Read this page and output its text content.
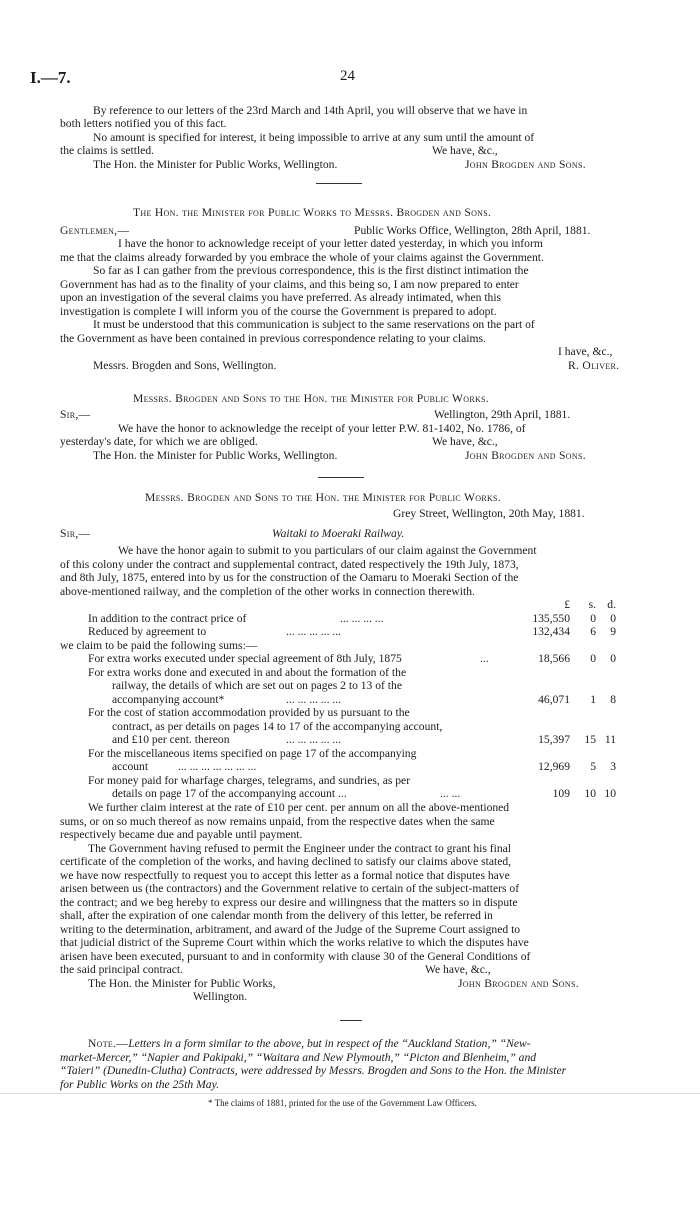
I.—7.	24
By reference to our letters of the 23rd March and 14th April, you will observe that we have in
both letters notified you of this fact.
No amount is specified for interest, it being impossible to arrive at any sum until the amount of
the claims is settled.	We have, &c.,
The Hon. the Minister for Public Works, Wellington.	John Brogden and Sons.
The Hon. the Minister for Public Works to Messrs. Brogden and Sons.
Gentlemen,—	Public Works Office, Wellington, 28th April, 1881.
I have the honor to acknowledge receipt of your letter dated yesterday, in which you inform
me that the claims already forwarded by you embrace the whole of your claims against the Government.
So far as I can gather from the previous correspondence, this is the first distinct intimation the
Government has had as to the finality of your claims, and this being so, I am now prepared to enter
upon an investigation of the several claims you have preferred. As already intimated, when this
investigation is complete I will inform you of the course the Government is prepared to adopt.
It must be understood that this communication is subject to the same reservations on the part of
the Government as have been contained in previous correspondence relating to your claims.
I have, &c.,
Messrs. Brogden and Sons, Wellington.	R. Oliver.
Messrs. Brogden and Sons to the Hon. the Minister for Public Works.
Sir,—	Wellington, 29th April, 1881.
We have the honor to acknowledge the receipt of your letter P.W. 81-1402, No. 1786, of
yesterday's date, for which we are obliged.	We have, &c.,
The Hon. the Minister for Public Works, Wellington.	John Brogden and Sons.
Messrs. Brogden and Sons to the Hon. the Minister for Public Works.
Grey Street, Wellington, 20th May, 1881.
Sir,—	Waitaki to Moeraki Railway.
We have the honor again to submit to you particulars of our claim against the Government
of this colony under the contract and supplemental contract, dated respectively the 19th July, 1873,
and 8th July, 1875, entered into by us for the construction of the Oamaru to Moeraki Section of the
above-mentioned railway, and the completion of the other works in connection therewith.
£	s. d.
In addition to the contract price of	... ... ... ...	135,550	0	0
Reduced by agreement to	... ... ... ... ...	132,434	6	9
we claim to be paid the following sums:—
For extra works executed under special agreement of 8th July, 1875	...	18,566	0	0
For extra works done and executed in and about the formation of the
railway, the details of which are set out on pages 2 to 13 of the
accompanying account*	... ... ... ... ...	46,071	1	8
For the cost of station accommodation provided by us pursuant to the
contract, as per details on pages 14 to 17 of the accompanying account,
and £10 per cent. thereon	... ... ... ... ...	15,397	15 11
For the miscellaneous items specified on page 17 of the accompanying
account	... ... ... ... ... ... ...	12,969	5	3
For money paid for wharfage charges, telegrams, and sundries, as per
details on page 17 of the accompanying account ...	... ...	109	10 10
We further claim interest at the rate of £10 per cent. per annum on all the above-mentioned
sums, or on so much thereof as now remains unpaid, from the respective dates when the same
respectively became due and payable until payment.
The Government having refused to permit the Engineer under the contract to grant his final
certificate of the completion of the works, and having declined to satisfy our claims above stated,
we have now respectfully to request you to accept this letter as a formal notice that disputes have
arisen between us (the contractors) and the Government relative to certain of the subject-matters of
the contract; and we beg hereby to express our desire and willingness that the matters so in dispute
shall, after the expiration of one calendar month from the delivery of this letter, be referred in
writing to the determination, arbitrament, and award of the Judge of the Supreme Court assigned to
that judicial district of the Supreme Court within which the works relative to which the disputes have
arisen have been executed, pursuant to and in conformity with clause 30 of the General Conditions of
the said principal contract.	We have, &c.,
The Hon. the Minister for Public Works,	John Brogden and Sons.
Wellington.
Note.—Letters in a form similar to the above, but in respect of the “Auckland Station,” “New-
market-Mercer,” “Napier and Pakipaki,” “Waitara and New Plymouth,” “Picton and Blenheim,” and
“Taieri” (Dunedin-Clutha) Contracts, were addressed by Messrs. Brogden and Sons to the Hon. the Minister
for Public Works on the 25th May.
* The claims of 1881, printed for the use of the Government Law Officers.
